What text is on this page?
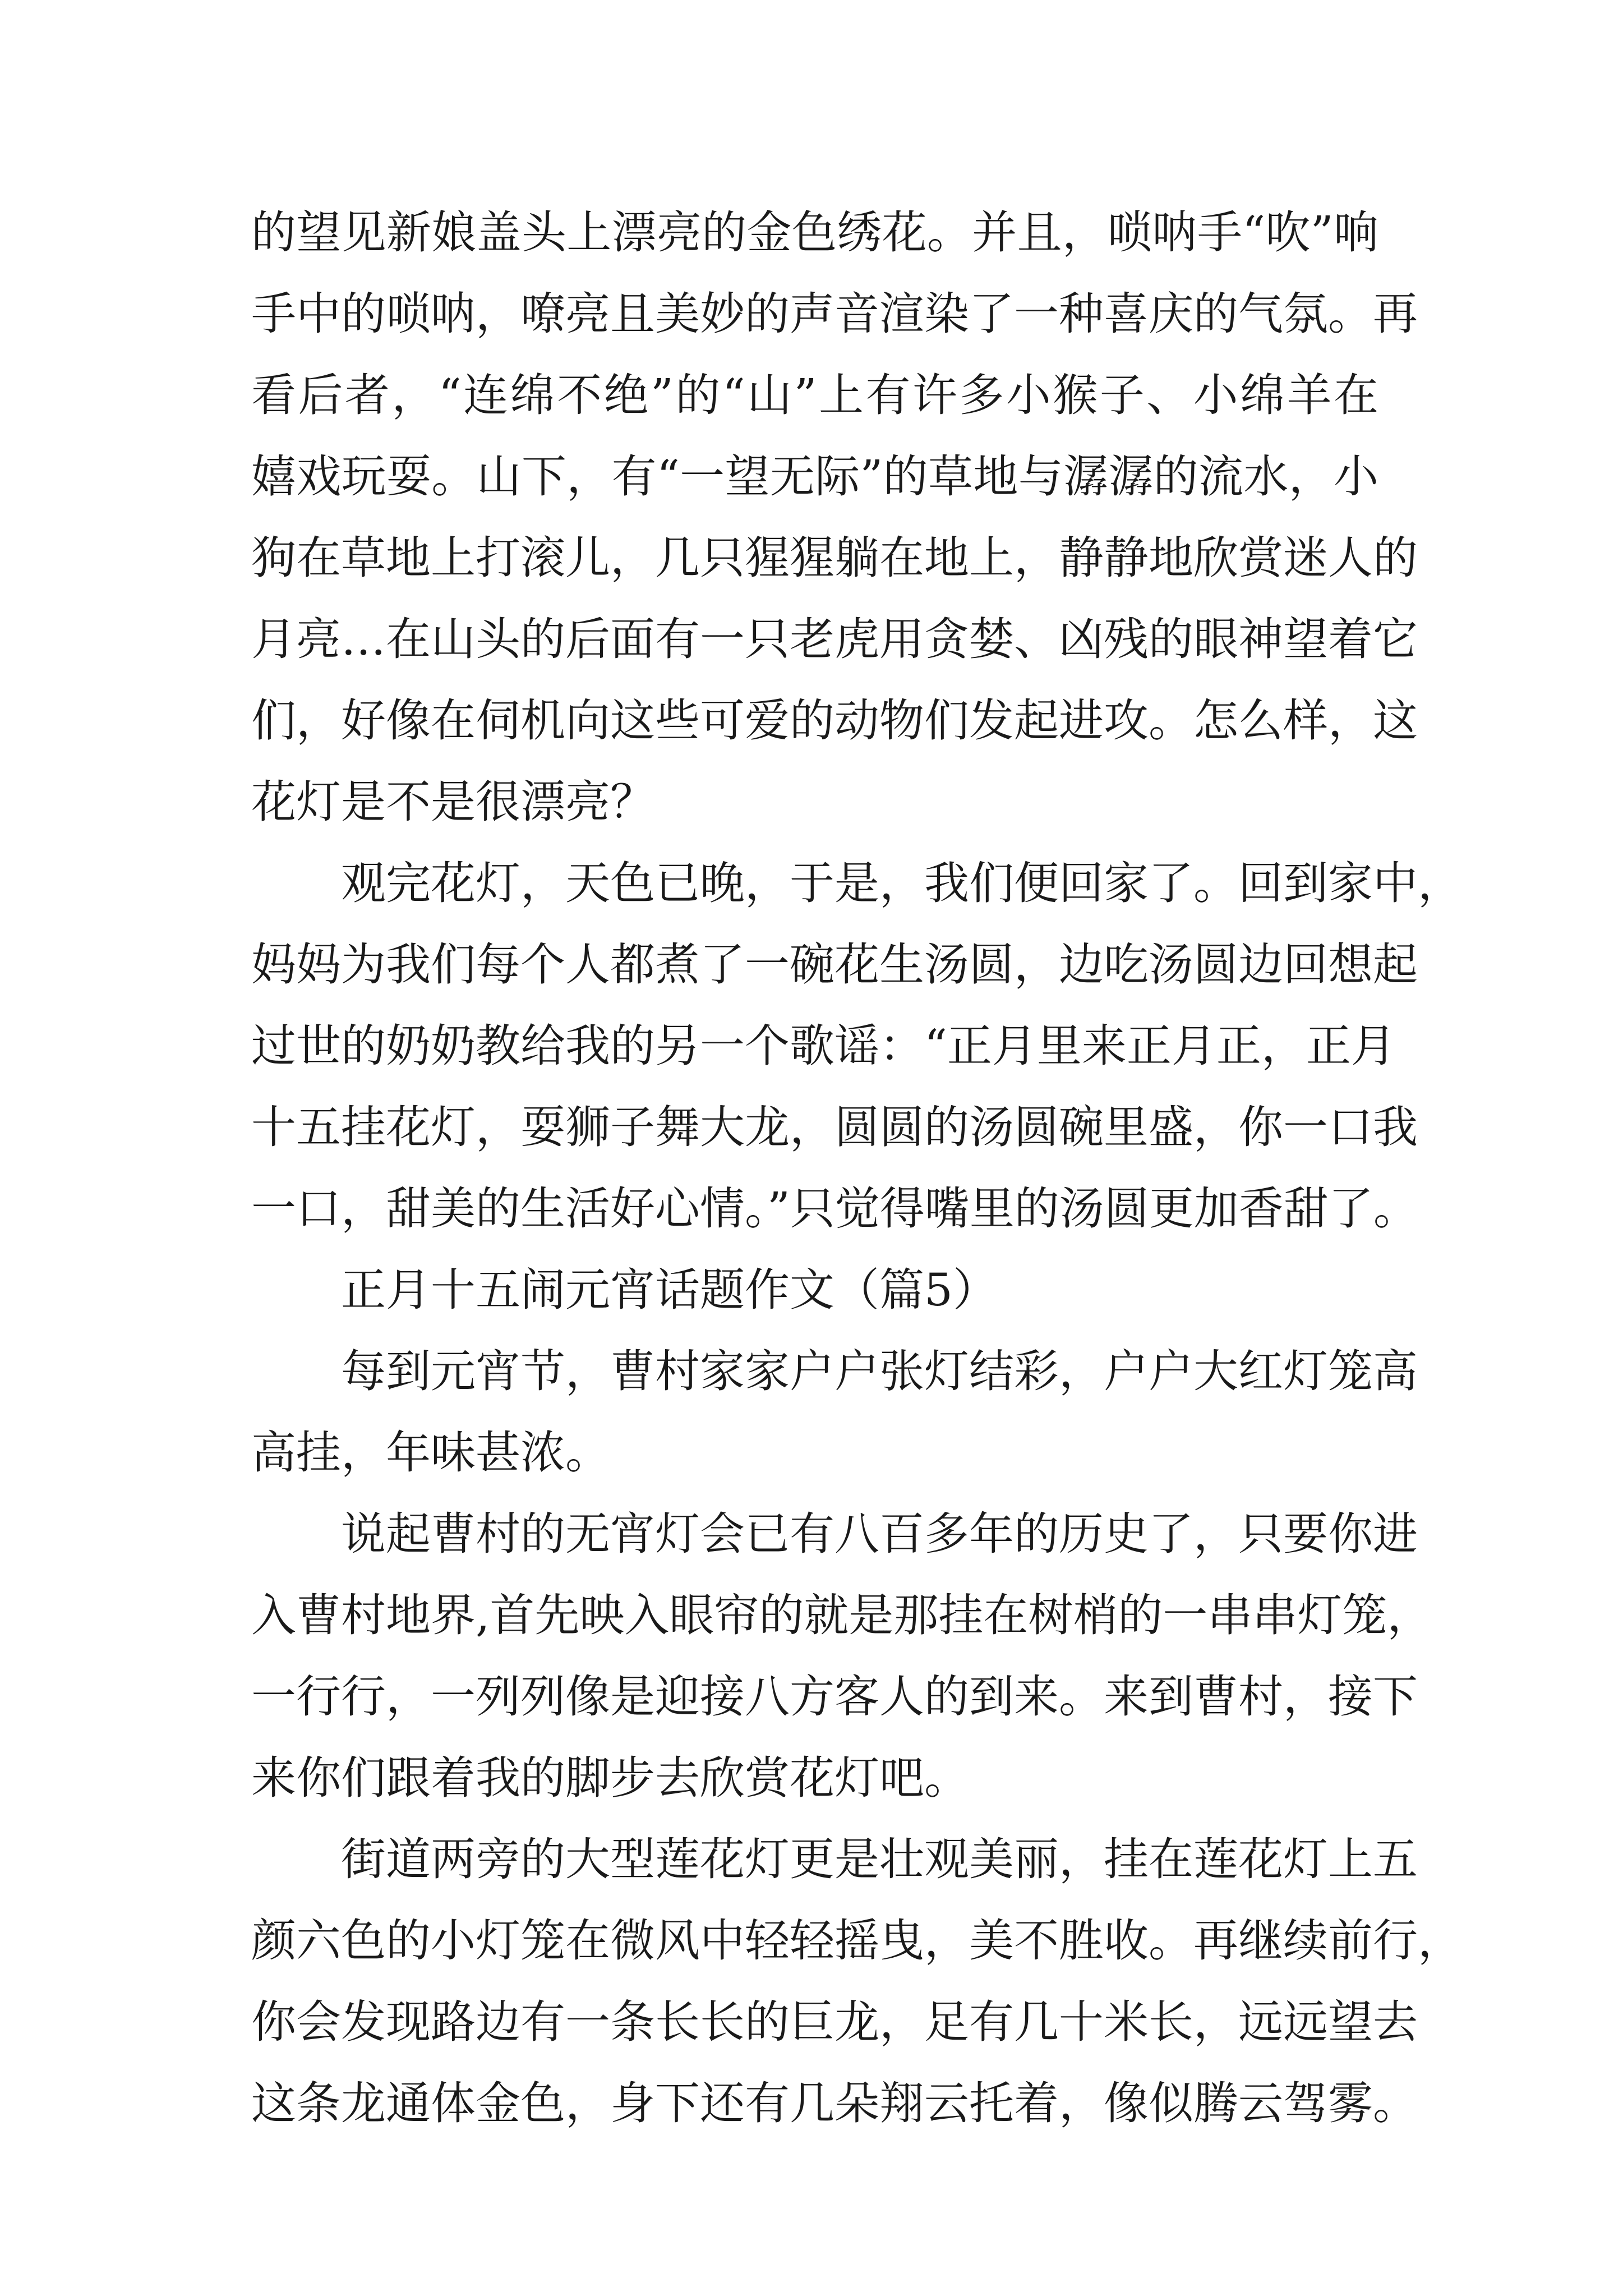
的望见新娘盖头上漂亮的金色绣花。并且，唢呐手“吹”响
手中的唢呐，嘹亮且美妙的声音渲染了一种喜庆的气氛。再
看后者，“连绵不绝”的“山”上有许多小猴子、小绵羊在
嬉戏玩耍。山下，有“一望无际”的草地与潺潺的流水，小
狗在草地上打滚儿，几只猩猩躺在地上，静静地欣赏迷人的
月亮…在山头的后面有一只老虎用贪婪、凶残的眼神望着它
们，好像在伺机向这些可爱的动物们发起进攻。怎么样，这
花灯是不是很漂亮？
观完花灯，天色已晚，于是，我们便回家了。回到家中，
妈妈为我们每个人都煮了一碗花生汤圆，边吃汤圆边回想起
过世的奶奶教给我的另一个歌谣：“正月里来正月正，正月
十五挂花灯，耍狮子舞大龙，圆圆的汤圆碗里盛，你一口我
一口，甜美的生活好心情。”只觉得嘴里的汤圆更加香甜了。
正月十五闹元宵话题作文（篇5）
每到元宵节，曹村家家户户张灯结彩，户户大红灯笼高
高挂，年味甚浓。
说起曹村的无宵灯会已有八百多年的历史了，只要你进
入曹村地界,首先映入眼帘的就是那挂在树梢的一串串灯笼，
一行行，一列列像是迎接八方客人的到来。来到曹村，接下
来你们跟着我的脚步去欣赏花灯吧。
街道两旁的大型莲花灯更是壮观美丽，挂在莲花灯上五
颜六色的小灯笼在微风中轻轻摇曳，美不胜收。再继续前行，
你会发现路边有一条长长的巨龙，足有几十米长，远远望去
这条龙通体金色，身下还有几朵翔云托着，像似腾云驾雾。
